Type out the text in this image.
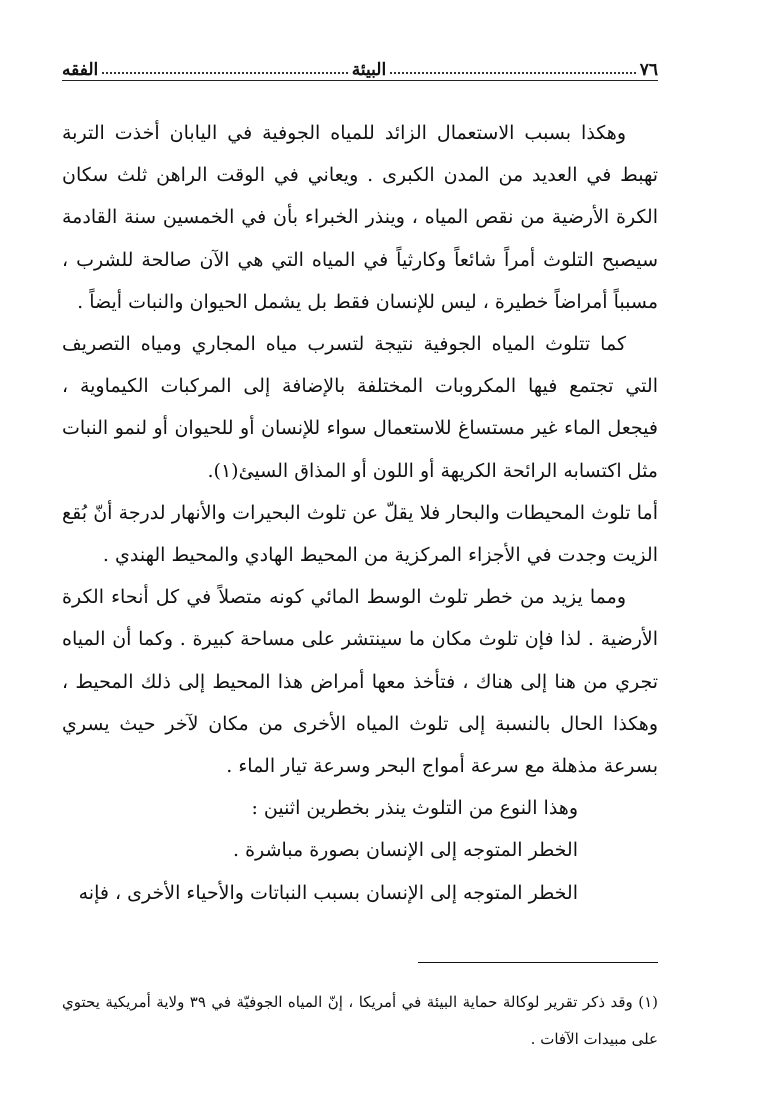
٧٦
البيئة
الفقه

وهكذا بسبب الاستعمال الزائد للمياه الجوفية في اليابان أخذت التربة تهبط في العديد من المدن الكبرى . ويعاني في الوقت الراهن ثلث سكان الكرة الأرضية من نقص المياه ، وينذر الخبراء بأن في الخمسين سنة القادمة سيصبح التلوث أمراً شائعاً وكارثياً في المياه التي هي الآن صالحة للشرب ، مسبباً أمراضاً خطيرة ، ليس للإنسان فقط بل يشمل الحيوان والنبات أيضاً .

كما تتلوث المياه الجوفية نتيجة لتسرب مياه المجاري ومياه التصريف التي تجتمع فيها المكروبات المختلفة بالإضافة إلى المركبات الكيماوية ، فيجعل الماء غير مستساغ للاستعمال سواء للإنسان أو للحيوان أو لنمو النبات مثل اكتسابه الرائحة الكريهة أو اللون أو المذاق السيئ(١).

أما تلوث المحيطات والبحار فلا يقلّ عن تلوث البحيرات والأنهار لدرجة أنّ بُقع الزيت وجدت في الأجزاء المركزية من المحيط الهادي والمحيط الهندي .

ومما يزيد من خطر تلوث الوسط المائي كونه متصلاً في كل أنحاء الكرة الأرضية . لذا فإن تلوث مكان ما سينتشر على مساحة كبيرة . وكما أن المياه تجري من هنا إلى هناك ، فتأخذ معها أمراض هذا المحيط إلى ذلك المحيط ، وهكذا الحال بالنسبة إلى تلوث المياه الأخرى من مكان لآخر حيث يسري بسرعة مذهلة مع سرعة أمواج البحر وسرعة تيار الماء .

وهذا النوع من التلوث ينذر بخطرين اثنين :

الخطر المتوجه إلى الإنسان بصورة مباشرة .

الخطر المتوجه إلى الإنسان بسبب النباتات والأحياء الأخرى ، فإنه

(١) وقد ذكر تقرير لوكالة حماية البيئة في أمريكا ، إنّ المياه الجوفيّة في ٣٩ ولاية أمريكية يحتوي على مبيدات الآفات .
